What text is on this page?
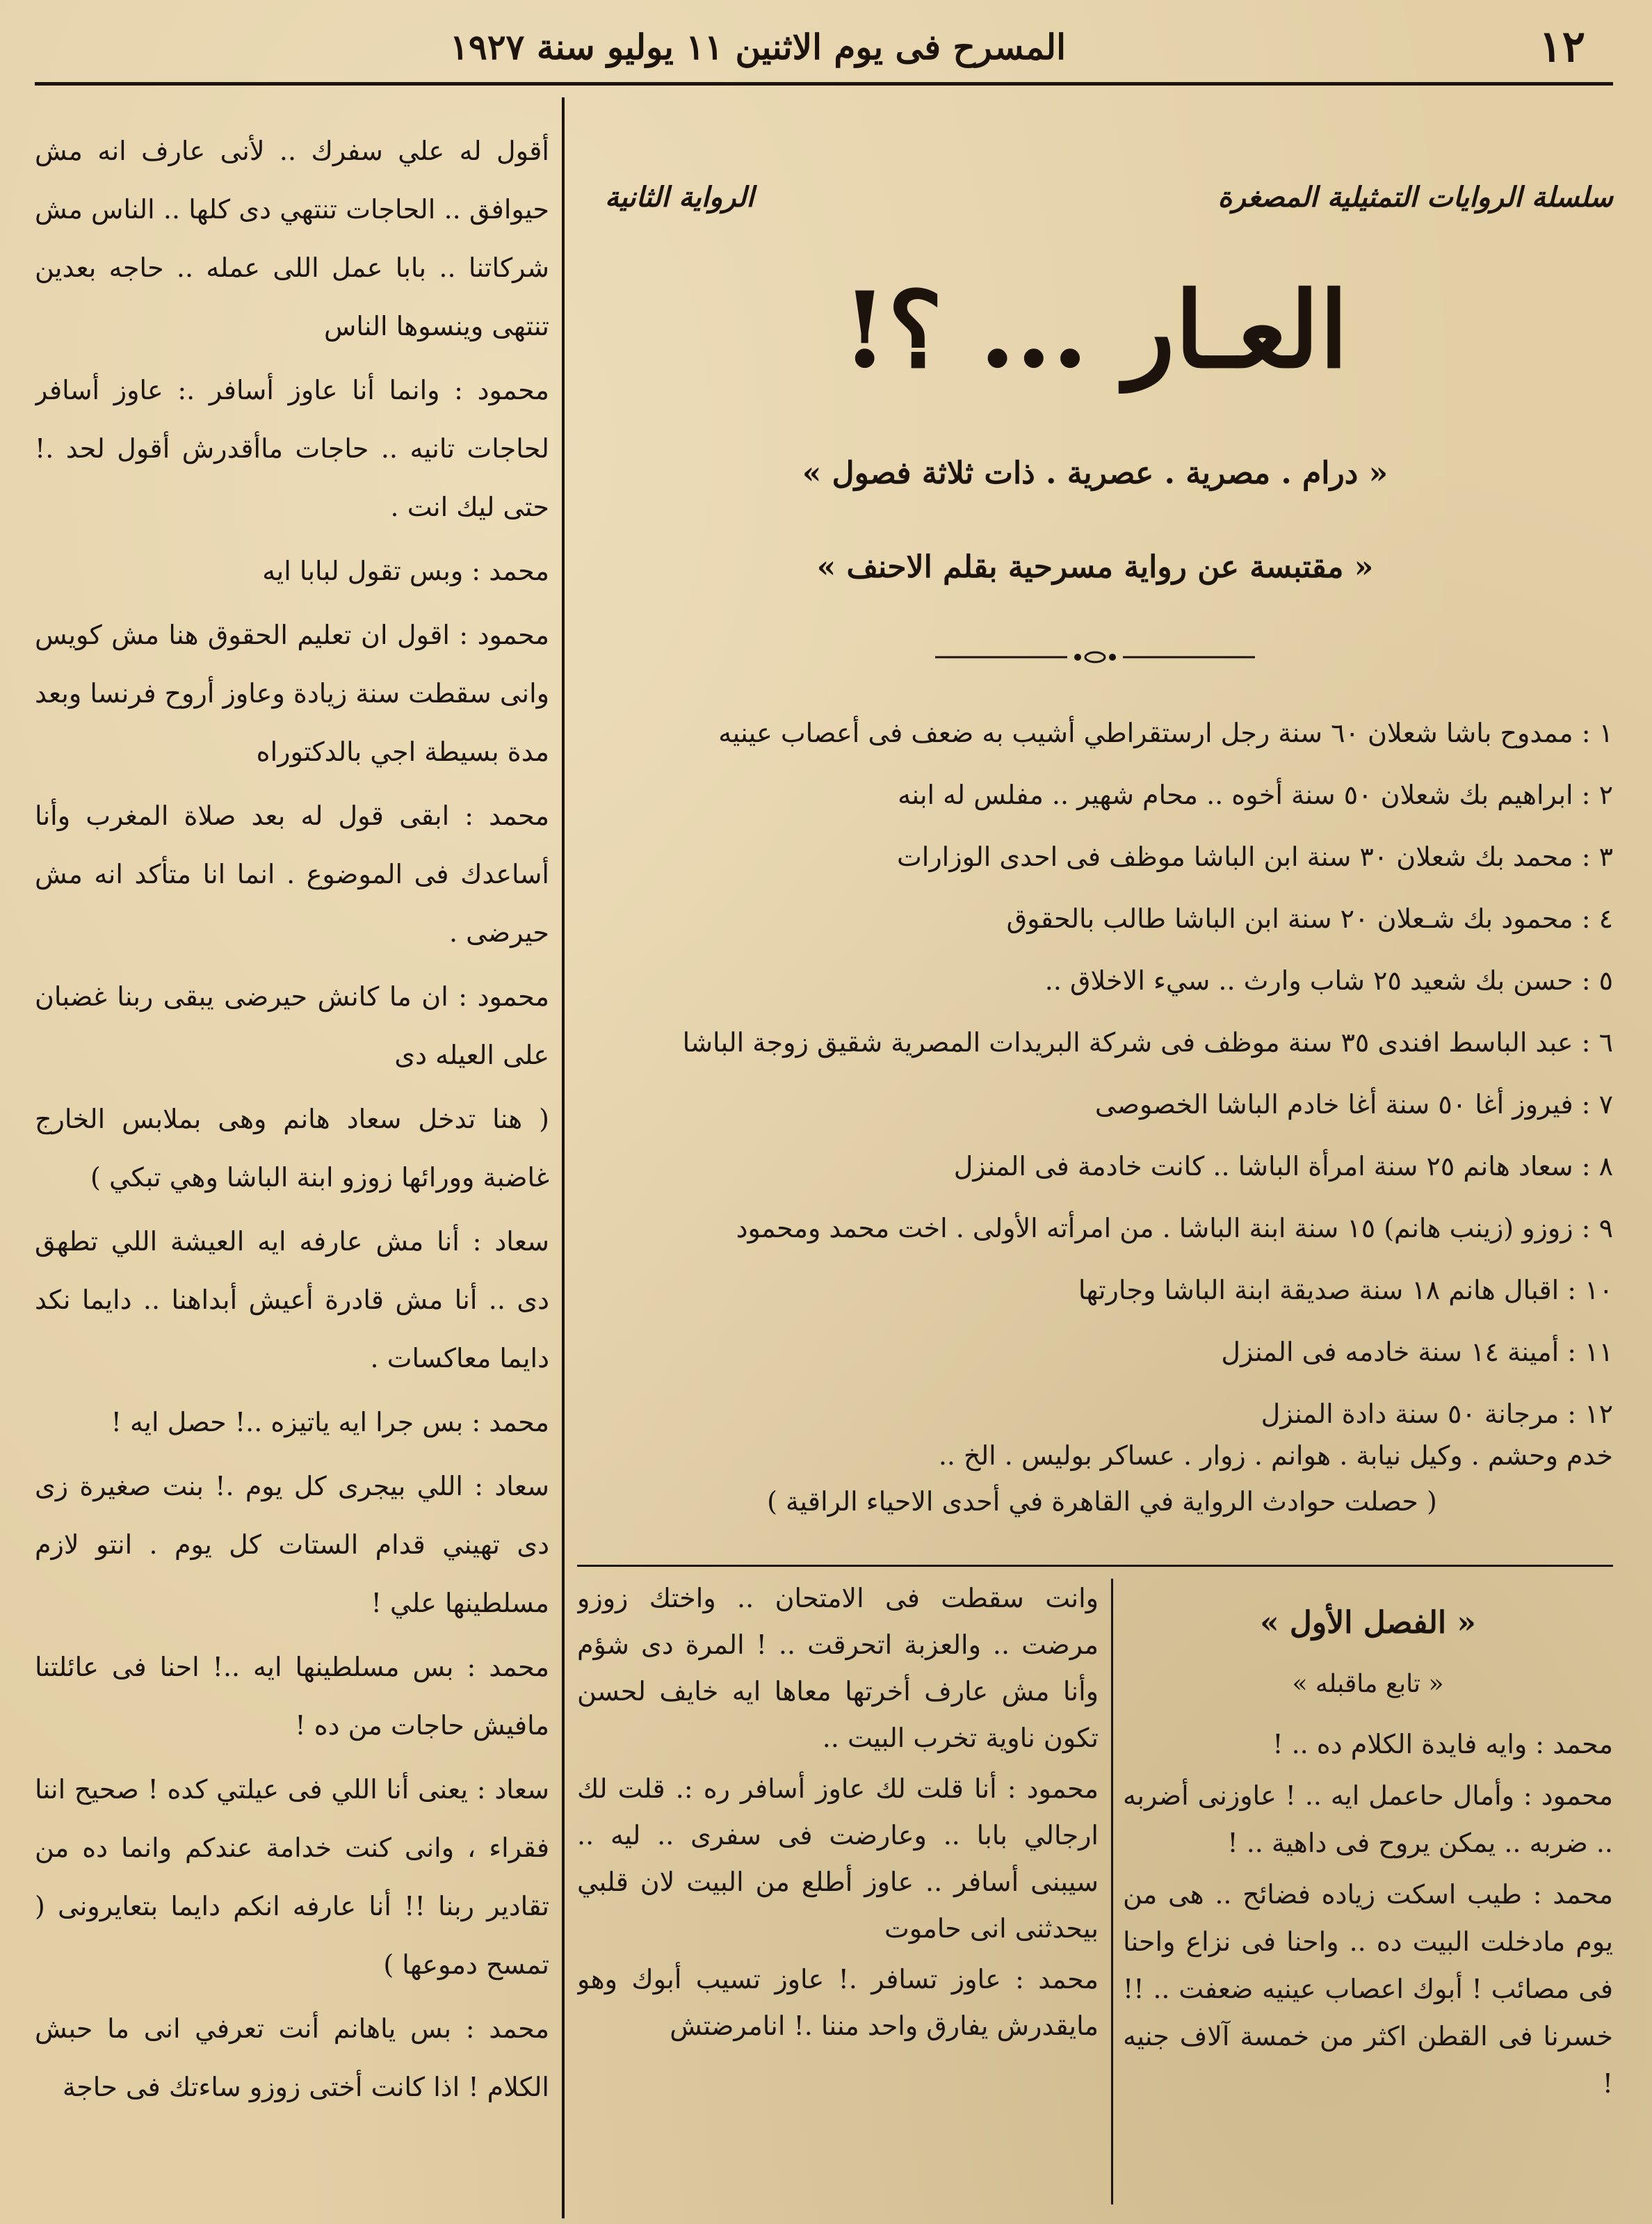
١٢
المسرح فى يوم الاثنين ١١ يوليو سنة ١٩٢٧

أقول له علي سفرك .. لأنى عارف انه مش حيوافق .. الحاجات تنتهي دى كلها .. الناس مش شركاتنا .. بابا عمل اللى عمله .. حاجه بعدين تنتهى وينسوها الناس

محمود : وانما أنا عاوز أسافر .: عاوز أسافر لحاجات تانيه .. حاجات ماأقدرش أقول لحد .! حتى ليك انت .

محمد : وبس تقول لبابا ايه

محمود : اقول ان تعليم الحقوق هنا مش كويس وانى سقطت سنة زيادة وعاوز أروح فرنسا وبعد مدة بسيطة اجي بالدكتوراه

محمد : ابقى قول له بعد صلاة المغرب وأنا أساعدك فى الموضوع . انما انا متأكد انه مش حيرضى .

محمود : ان ما كانش حيرضى يبقى ربنا غضبان على العيله دى

( هنا تدخل سعاد هانم وهى بملابس الخارج غاضبة وورائها زوزو ابنة الباشا وهي تبكي )

سعاد : أنا مش عارفه ايه العيشة اللي تطهق دى .. أنا مش قادرة أعيش أبداهنا .. دايما نكد دايما معاكسات .

محمد : بس جرا ايه ياتيزه ..! حصل ايه !

سعاد : اللي بيجرى كل يوم .! بنت صغيرة زى دى تهيني قدام الستات كل يوم . انتو لازم مسلطينها علي !

محمد : بس مسلطينها ايه ..! احنا فى عائلتنا مافيش حاجات من ده !

سعاد : يعنى أنا اللي فى عيلتي كده ! صحيح اننا فقراء ، وانى كنت خدامة عندكم وانما ده من تقادير ربنا !! أنا عارفه انكم دايما بتعايرونى ( تمسح دموعها )

محمد : بس ياهانم أنت تعرفي انى ما حبش الكلام ! اذا كانت أختى زوزو ساءتك فى حاجة

سلسلة الروايات التمثيلية المصغرة
الرواية الثانية
العـار ... ؟!
« درام . مصرية . عصرية . ذات ثلاثة فصول »
« مقتبسة عن رواية مسرحية بقلم الاحنف »
١ : ممدوح باشا شعلان ٦٠ سنة رجل ارستقراطي أشيب به ضعف فى أعصاب عينيه
٢ : ابراهيم بك شعلان ٥٠ سنة أخوه .. محام شهير .. مفلس له ابنه
٣ : محمد بك شعلان ٣٠ سنة ابن الباشا موظف فى احدى الوزارات
٤ : محمود بك شـعلان ٢٠ سنة ابن الباشا طالب بالحقوق
٥ : حسن بك شعيد ٢٥ شاب وارث .. سيء الاخلاق ..
٦ : عبد الباسط افندى ٣٥ سنة موظف فى شركة البريدات المصرية شقيق زوجة الباشا
٧ : فيروز أغا ٥٠ سنة أغا خادم الباشا الخصوصى
٨ : سعاد هانم ٢٥ سنة امرأة الباشا .. كانت خادمة فى المنزل
٩ : زوزو (زينب هانم) ١٥ سنة ابنة الباشا . من امرأته الأولى . اخت محمد ومحمود
١٠ : اقبال هانم ١٨ سنة صديقة ابنة الباشا وجارتها
١١ : أمينة ١٤ سنة خادمه فى المنزل
١٢ : مرجانة ٥٠ سنة دادة المنزل
خدم وحشم . وكيل نيابة . هوانم . زوار . عساكر بوليس . الخ ..
( حصلت حوادث الرواية في القاهرة في أحدى الاحياء الراقية )
« الفصل الأول »
« تابع ماقبله »

محمد : وايه فايدة الكلام ده .. !

محمود : وأمال حاعمل ايه .. ! عاوزنى أضربه .. ضربه .. يمكن يروح فى داهية .. !

محمد : طيب اسكت زياده فضائح .. هى من يوم مادخلت البيت ده .. واحنا فى نزاع واحنا فى مصائب ! أبوك اعصاب عينيه ضعفت .. !! خسرنا فى القطن اكثر من خمسة آلاف جنيه !

وانت سقطت فى الامتحان .. واختك زوزو مرضت .. والعزبة اتحرقت .. ! المرة دى شؤم وأنا مش عارف أخرتها معاها ايه خايف لحسن تكون ناوية تخرب البيت ..

محمود : أنا قلت لك عاوز أسافر ره :. قلت لك ارجالي بابا .. وعارضت فى سفرى .. ليه .. سيبنى أسافر .. عاوز أطلع من البيت لان قلبي بيحدثنى انى حاموت

محمد : عاوز تسافر .! عاوز تسيب أبوك وهو مايقدرش يفارق واحد مننا .! انامرضتش
